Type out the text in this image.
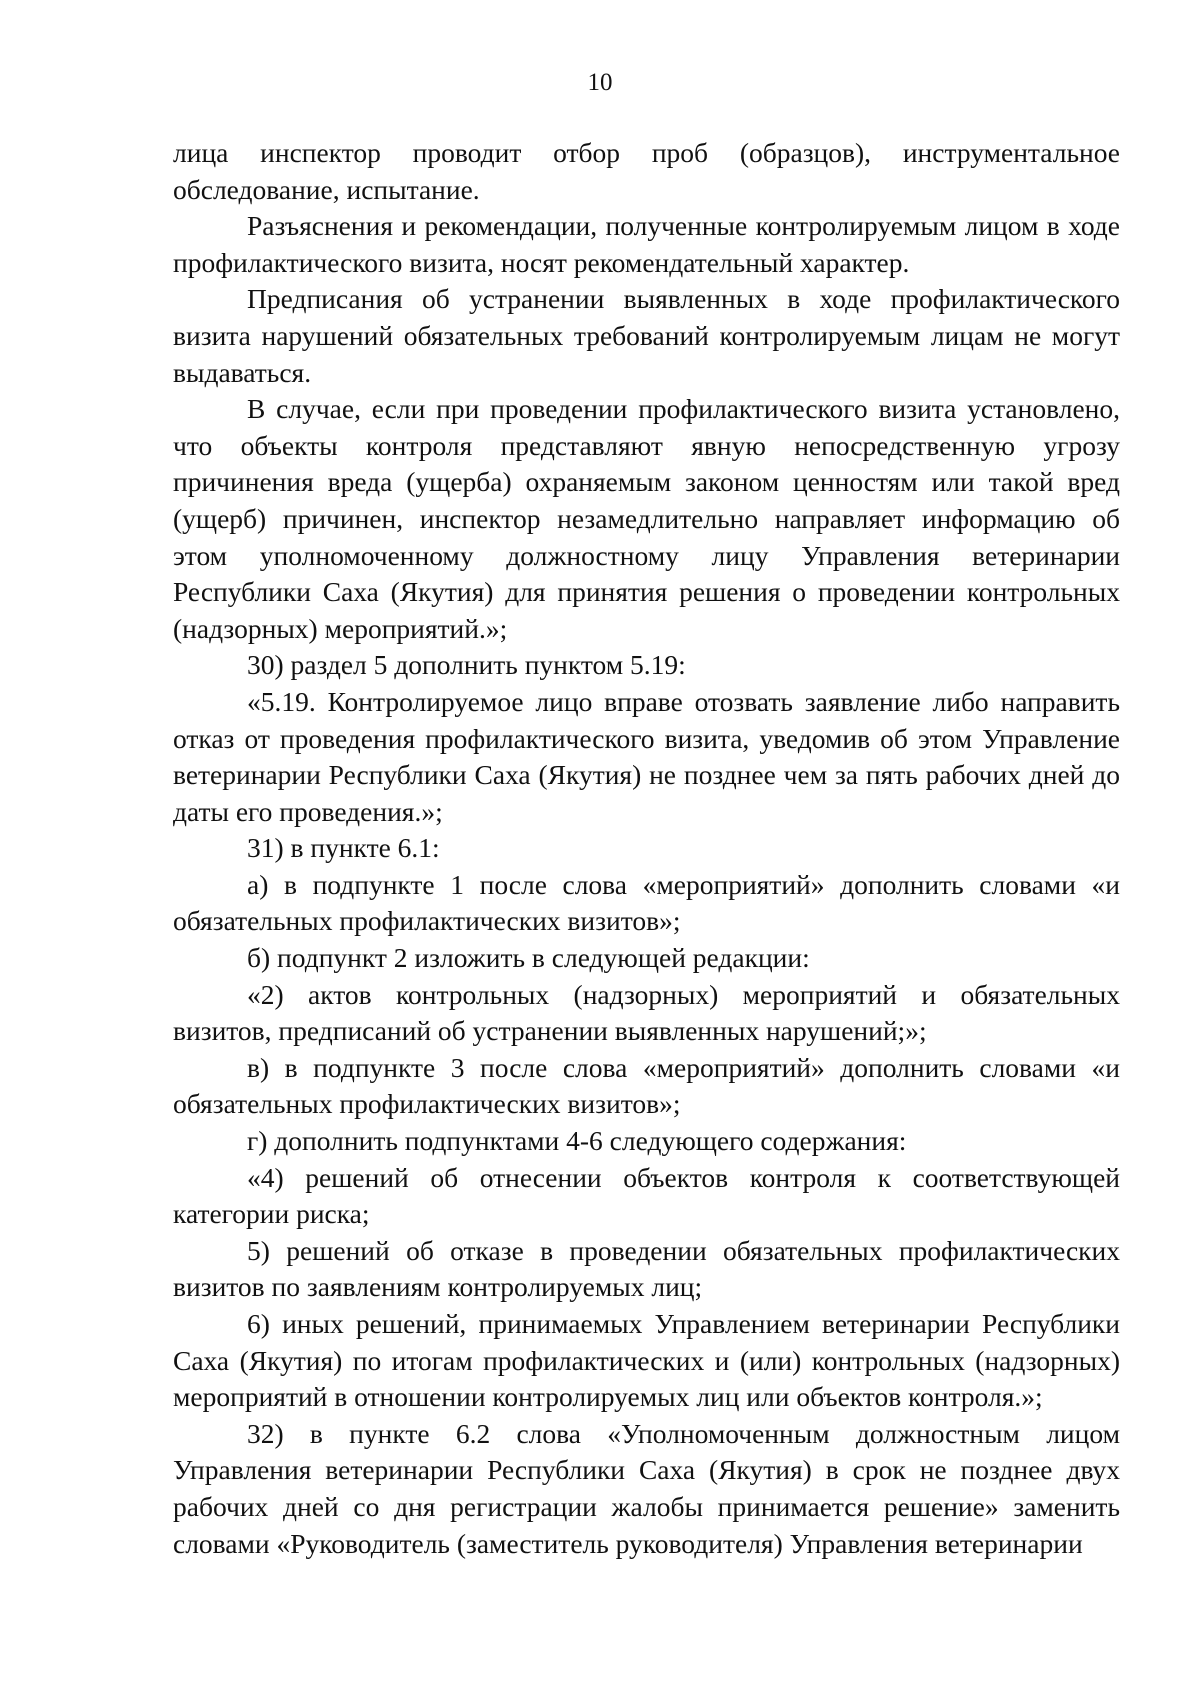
10

лица инспектор проводит отбор проб (образцов), инструментальное обследование, испытание.

Разъяснения и рекомендации, полученные контролируемым лицом в ходе профилактического визита, носят рекомендательный характер.

Предписания об устранении выявленных в ходе профилактического визита нарушений обязательных требований контролируемым лицам не могут выдаваться.

В случае, если при проведении профилактического визита установлено, что объекты контроля представляют явную непосредственную угрозу причинения вреда (ущерба) охраняемым законом ценностям или такой вред (ущерб) причинен, инспектор незамедлительно направляет информацию об этом уполномоченному должностному лицу Управления ветеринарии Республики Саха (Якутия) для принятия решения о проведении контрольных (надзорных) мероприятий.»;

30) раздел 5 дополнить пунктом 5.19:

«5.19. Контролируемое лицо вправе отозвать заявление либо направить отказ от проведения профилактического визита, уведомив об этом Управление ветеринарии Республики Саха (Якутия) не позднее чем за пять рабочих дней до даты его проведения.»;

31) в пункте 6.1:

а) в подпункте 1 после слова «мероприятий» дополнить словами «и обязательных профилактических визитов»;

б) подпункт 2 изложить в следующей редакции:

«2) актов контрольных (надзорных) мероприятий и обязательных визитов, предписаний об устранении выявленных нарушений;»;

в) в подпункте 3 после слова «мероприятий» дополнить словами «и обязательных профилактических визитов»;

г) дополнить подпунктами 4-6 следующего содержания:

«4) решений об отнесении объектов контроля к соответствующей категории риска;

5) решений об отказе в проведении обязательных профилактических визитов по заявлениям контролируемых лиц;

6) иных решений, принимаемых Управлением ветеринарии Республики Саха (Якутия) по итогам профилактических и (или) контрольных (надзорных) мероприятий в отношении контролируемых лиц или объектов контроля.»;

32) в пункте 6.2 слова «Уполномоченным должностным лицом Управления ветеринарии Республики Саха (Якутия) в срок не позднее двух рабочих дней со дня регистрации жалобы принимается решение» заменить словами «Руководитель (заместитель руководителя) Управления ветеринарии
